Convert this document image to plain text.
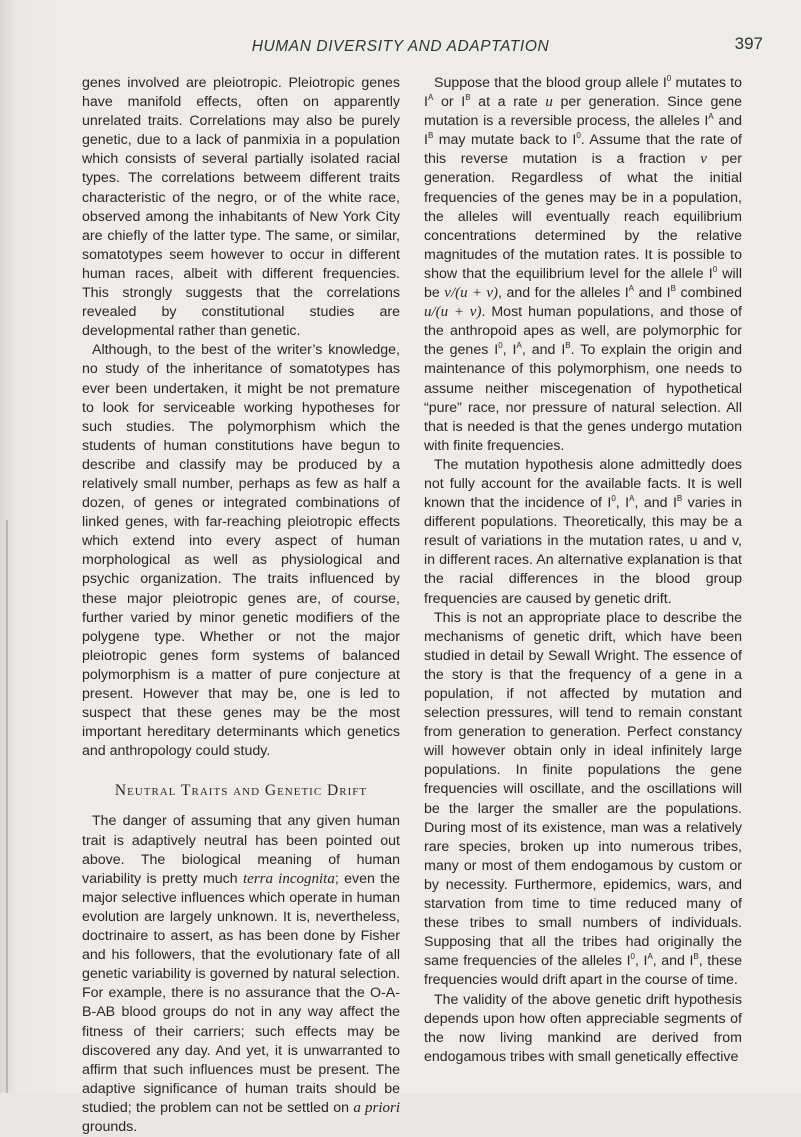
HUMAN DIVERSITY AND ADAPTATION	397

genes involved are pleiotropic. Pleiotropic genes have manifold effects, often on apparently unrelated traits. Correlations may also be purely genetic, due to a lack of panmixia in a population which consists of several partially isolated racial types. The correlations betweem different traits characteristic of the negro, or of the white race, observed among the inhabitants of New York City are chiefly of the latter type. The same, or similar, somatotypes seem however to occur in different human races, albeit with different frequencies. This strongly suggests that the correlations revealed by constitutional studies are developmental rather than genetic.

Although, to the best of the writer’s knowledge, no study of the inheritance of somatotypes has ever been undertaken, it might be not premature to look for serviceable working hypotheses for such studies. The polymorphism which the students of human constitutions have begun to describe and classify may be produced by a relatively small number, perhaps as few as half a dozen, of genes or integrated combinations of linked genes, with far-reaching pleiotropic effects which extend into every aspect of human morphological as well as physiological and psychic organization. The traits influenced by these major pleiotropic genes are, of course, further varied by minor genetic modifiers of the polygene type. Whether or not the major pleiotropic genes form systems of balanced polymorphism is a matter of pure conjecture at present. However that may be, one is led to suspect that these genes may be the most important hereditary determinants which genetics and anthropology could study.

Neutral Traits and Genetic Drift

The danger of assuming that any given human trait is adaptively neutral has been pointed out above. The biological meaning of human variability is pretty much terra incognita; even the major selective influences which operate in human evolution are largely unknown. It is, nevertheless, doctrinaire to assert, as has been done by Fisher and his followers, that the evolutionary fate of all genetic variability is governed by natural selection. For example, there is no assurance that the O-A-B-AB blood groups do not in any way affect the fitness of their carriers; such effects may be discovered any day. And yet, it is unwarranted to affirm that such influences must be present. The adaptive significance of human traits should be studied; the problem can not be settled on a priori grounds.

Suppose that the blood group allele $I^0$ mutates to $I^A$ or $I^B$ at a rate u per generation. Since gene mutation is a reversible process, the alleles $I^A$ and $I^B$ may mutate back to $I^0$. Assume that the rate of this reverse mutation is a fraction v per generation. Regardless of what the initial frequencies of the genes may be in a population, the alleles will eventually reach equilibrium concentrations determined by the relative magnitudes of the mutation rates. It is possible to show that the equilibrium level for the allele $I^0$ will be v/(u + v), and for the alleles $I^A$ and $I^B$ combined u/(u + v). Most human populations, and those of the anthropoid apes as well, are polymorphic for the genes $I^0$, $I^A$, and $I^B$. To explain the origin and maintenance of this polymorphism, one needs to assume neither miscegenation of hypothetical “pure” race, nor pressure of natural selection. All that is needed is that the genes undergo mutation with finite frequencies.

The mutation hypothesis alone admittedly does not fully account for the available facts. It is well known that the incidence of $I^0$, $I^A$, and $I^B$ varies in different populations. Theoretically, this may be a result of variations in the mutation rates, u and v, in different races. An alternative explanation is that the racial differences in the blood group frequencies are caused by genetic drift.

This is not an appropriate place to describe the mechanisms of genetic drift, which have been studied in detail by Sewall Wright. The essence of the story is that the frequency of a gene in a population, if not affected by mutation and selection pressures, will tend to remain constant from generation to generation. Perfect constancy will however obtain only in ideal infinitely large populations. In finite populations the gene frequencies will oscillate, and the oscillations will be the larger the smaller are the populations. During most of its existence, man was a relatively rare species, broken up into numerous tribes, many or most of them endogamous by custom or by necessity. Furthermore, epidemics, wars, and starvation from time to time reduced many of these tribes to small numbers of individuals. Supposing that all the tribes had originally the same frequencies of the alleles $I^0$, $I^A$, and $I^B$, these frequencies would drift apart in the course of time.

The validity of the above genetic drift hypothesis depends upon how often appreciable segments of the now living mankind are derived from endogamous tribes with small genetically effective
